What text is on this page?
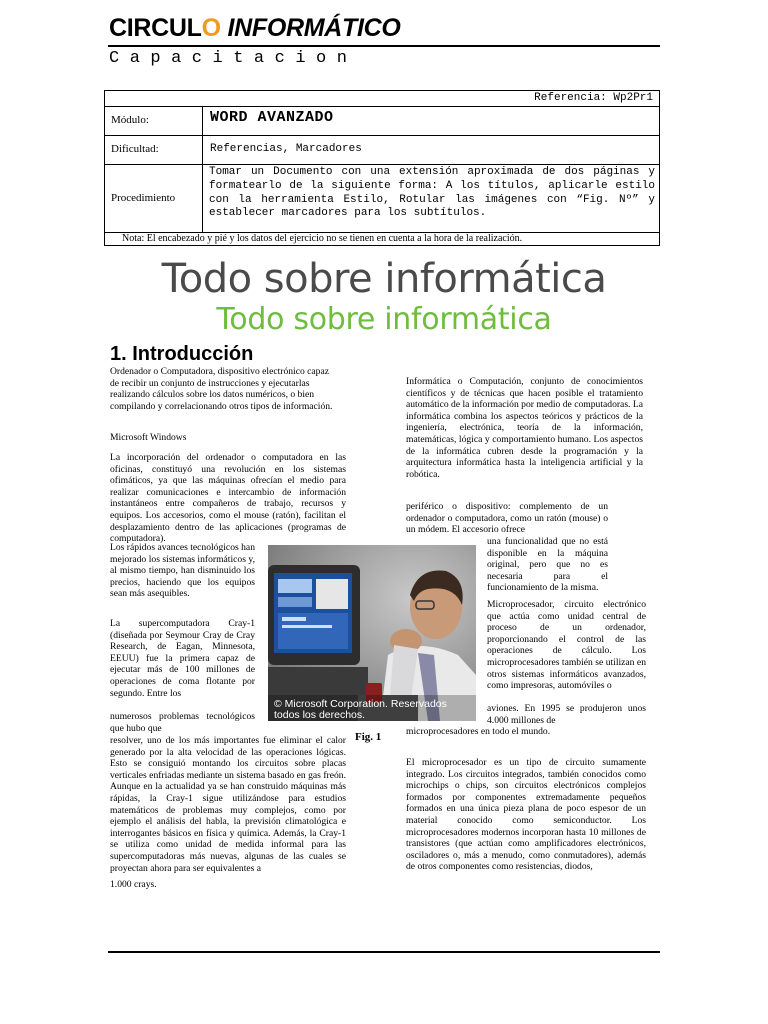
CIRCULO INFORMÁTICO
Capacitacion
Referencia: Wp2Pr1
Módulo:	WORD AVANZADO
Dificultad:	Referencias, Marcadores
Procedimiento
Tomar un Documento con una extensión aproximada de dos páginas y formatearlo de la siguiente forma: A los títulos, aplicarle estilo con la herramienta Estilo, Rotular las imágenes con “Fig. Nº” y establecer marcadores para los subtítulos.
Nota: El encabezado y pié y los datos del ejercicio no se tienen en cuenta a la hora de la realización.
Todo sobre informática
Todo sobre informática
1. Introducción

Ordenador o Computadora, dispositivo electrónico capaz de recibir un conjunto de instrucciones y ejecutarlas realizando cálculos sobre los datos numéricos, o bien compilando y correlacionando otros tipos de información.

Microsoft Windows

La incorporación del ordenador o computadora en las oficinas, constituyó una revolución en los sistemas ofimáticos, ya que las máquinas ofrecían el medio para realizar comunicaciones e intercambio de información instantáneos entre compañeros de trabajo, recursos y equipos. Los accesorios, como el mouse (ratón), facilitan el desplazamiento dentro de las aplicaciones (programas de computadora).

Los rápidos avances tecnológicos han mejorado los sistemas informáticos y, al mismo tiempo, han disminuido los precios, haciendo que los equipos sean más asequibles.

La supercomputadora Cray-1 (diseñada por Seymour Cray de Cray Research, de Eagan, Minnesota, EEUU) fue la primera capaz de ejecutar más de 100 millones de operaciones de coma flotante por segundo. Entre los

numerosos problemas tecnológicos que hubo que

resolver, uno de los más importantes fue eliminar el calor generado por la alta velocidad de las operaciones lógicas. Esto se consiguió montando los circuitos sobre placas verticales enfriadas mediante un sistema basado en gas freón. Aunque en la actualidad ya se han construido máquinas más rápidas, la Cray-1 sigue utilizándose para estudios matemáticos de problemas muy complejos, como por ejemplo el análisis del habla, la previsión climatológica e interrogantes básicos en física y química. Además, la Cray-1 se utiliza como unidad de medida informal para las supercomputadoras más nuevas, algunas de las cuales se proyectan ahora para ser equivalentes a

1.000 crays.

© Microsoft Corporation. Reservados
todos los derechos.
Fig. 1

Informática o Computación, conjunto de conocimientos científicos y de técnicas que hacen posible el tratamiento automático de la información por medio de computadoras. La informática combina los aspectos teóricos y prácticos de la ingeniería, electrónica, teoría de la información, matemáticas, lógica y comportamiento humano. Los aspectos de la informática cubren desde la programación y la arquitectura informática hasta la inteligencia artificial y la robótica.

periférico o dispositivo: complemento de un ordenador o computadora, como un ratón (mouse) o un módem. El accesorio ofrece

una funcionalidad que no está disponible en la máquina original, pero que no es necesaria para el funcionamiento de la misma.

Microprocesador, circuito electrónico que actúa como unidad central de proceso de un ordenador, proporcionando el control de las operaciones de cálculo. Los microprocesadores también se utilizan en otros sistemas informáticos avanzados, como impresoras, automóviles o

aviones. En 1995 se produjeron unos 4.000 millones de

microprocesadores en todo el mundo.

El microprocesador es un tipo de circuito sumamente integrado. Los circuitos integrados, también conocidos como microchips o chips, son circuitos electrónicos complejos formados por componentes extremadamente pequeños formados en una única pieza plana de poco espesor de un material conocido como semiconductor. Los microprocesadores modernos incorporan hasta 10 millones de transistores (que actúan como amplificadores electrónicos, osciladores o, más a menudo, como conmutadores), además de otros componentes como resistencias, diodos,
